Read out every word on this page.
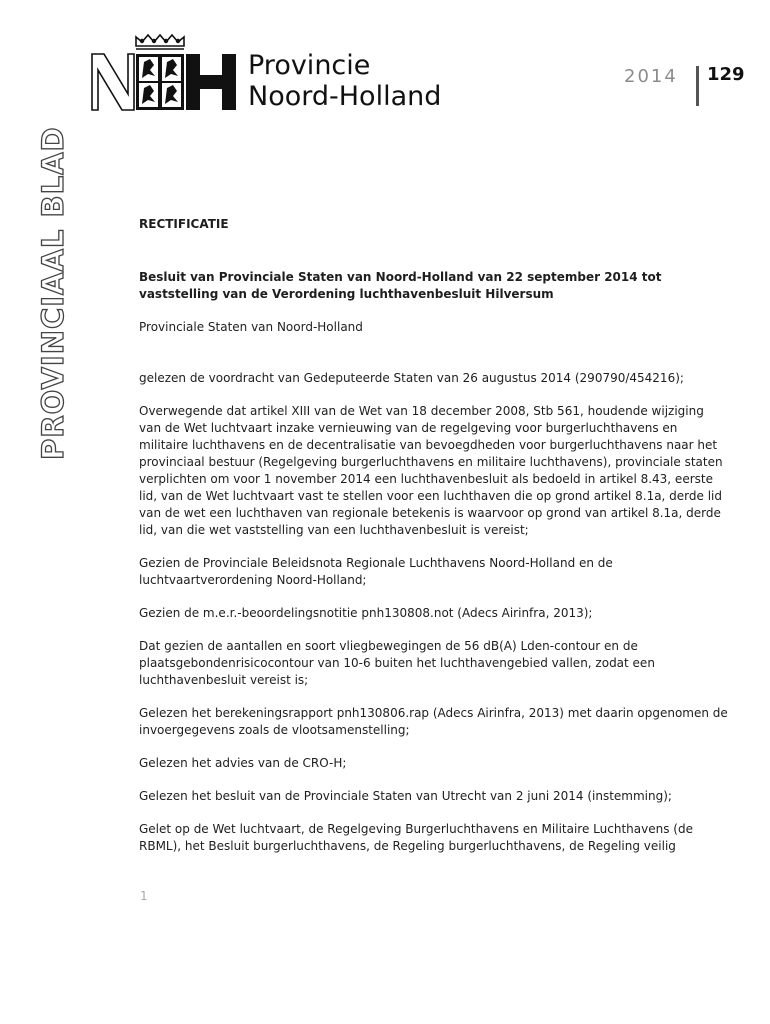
Provincie
Noord-Holland
2014 129
PROVINCIAAL BLAD	RECTIFICATIE

Besluit van Provinciale Staten van Noord-Holland van 22 september 2014 tot vaststelling van de Verordening luchthavenbesluit Hilversum

Provinciale Staten van Noord-Holland

gelezen de voordracht van Gedeputeerde Staten van 26 augustus 2014 (290790/454216);

Overwegende dat artikel XIII van de Wet van 18 december 2008, Stb 561, houdende wijziging van de Wet luchtvaart inzake vernieuwing van de regelgeving voor burgerluchthavens en militaire luchthavens en de decentralisatie van bevoegdheden voor burgerluchthavens naar het provinciaal bestuur (Regelgeving burgerluchthavens en militaire luchthavens), provinciale staten verplichten om voor 1 november 2014 een luchthavenbesluit als bedoeld in artikel 8.43, eerste lid, van de Wet luchtvaart vast te stellen voor een luchthaven die op grond artikel 8.1a, derde lid van de wet een luchthaven van regionale betekenis is waarvoor op grond van artikel 8.1a, derde lid, van die wet vaststelling van een luchthavenbesluit is vereist;

Gezien de Provinciale Beleidsnota Regionale Luchthavens Noord-Holland en de luchtvaartverordening Noord-Holland;

Gezien de m.e.r.-beoordelingsnotitie pnh130808.not (Adecs Airinfra, 2013);

Dat gezien de aantallen en soort vliegbewegingen de 56 dB(A) Lden-contour en de plaatsgebondenrisicocontour van 10-6 buiten het luchthavengebied vallen, zodat een luchthavenbesluit vereist is;

Gelezen het berekeningsrapport pnh130806.rap (Adecs Airinfra, 2013) met daarin opgenomen de invoergegevens zoals de vlootsamenstelling;

Gelezen het advies van de CRO-H;

Gelezen het besluit van de Provinciale Staten van Utrecht van 2 juni 2014 (instemming);

Gelet op de Wet luchtvaart, de Regelgeving Burgerluchthavens en Militaire Luchthavens (de RBML), het Besluit burgerluchthavens, de Regeling burgerluchthavens, de Regeling veilig

1
